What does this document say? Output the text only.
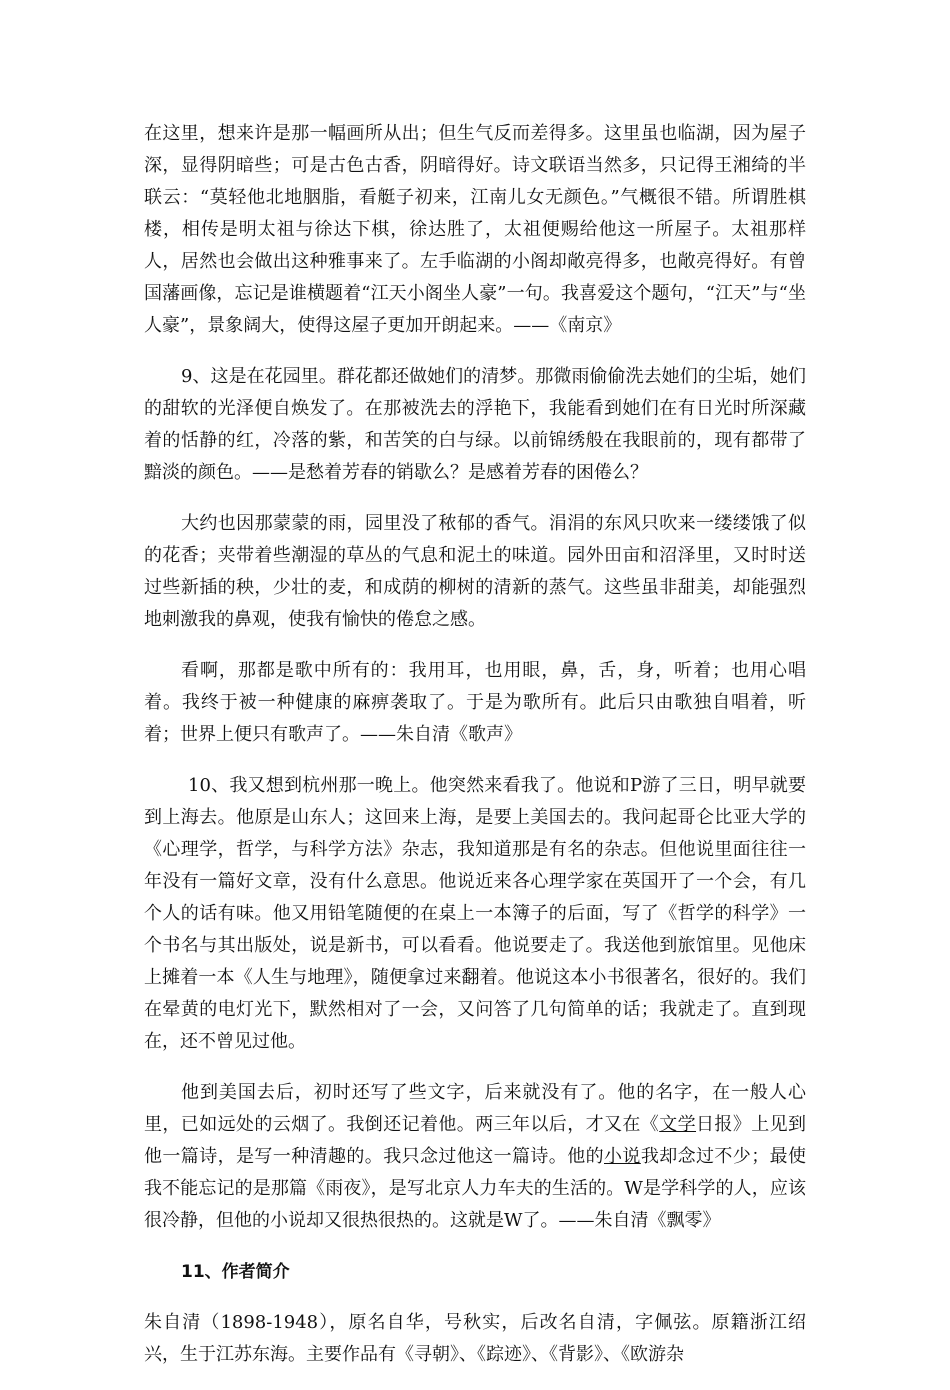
在这里，想来许是那一幅画所从出；但生气反而差得多。这里虽也临湖，因为屋子深，显得阴暗些；可是古色古香，阴暗得好。诗文联语当然多，只记得王湘绮的半联云：“莫轻他北地胭脂，看艇子初来，江南儿女无颜色。”气概很不错。所谓胜棋楼，相传是明太祖与徐达下棋，徐达胜了，太祖便赐给他这一所屋子。太祖那样人，居然也会做出这种雅事来了。左手临湖的小阁却敞亮得多，也敞亮得好。有曾国藩画像，忘记是谁横题着“江天小阁坐人豪”一句。我喜爱这个题句，“江天”与“坐人豪”，景象阔大，使得这屋子更加开朗起来。——《南京》

9、这是在花园里。群花都还做她们的清梦。那微雨偷偷洗去她们的尘垢，她们的甜软的光泽便自焕发了。在那被洗去的浮艳下，我能看到她们在有日光时所深藏着的恬静的红，冷落的紫，和苦笑的白与绿。以前锦绣般在我眼前的，现有都带了黯淡的颜色。——是愁着芳春的销歇么？是感着芳春的困倦么？

大约也因那蒙蒙的雨，园里没了秾郁的香气。涓涓的东风只吹来一缕缕饿了似的花香；夹带着些潮湿的草丛的气息和泥土的味道。园外田亩和沼泽里，又时时送过些新插的秧，少壮的麦，和成荫的柳树的清新的蒸气。这些虽非甜美，却能强烈地刺激我的鼻观，使我有愉快的倦怠之感。

看啊，那都是歌中所有的：我用耳，也用眼，鼻，舌，身，听着；也用心唱着。我终于被一种健康的麻痹袭取了。于是为歌所有。此后只由歌独自唱着，听着；世界上便只有歌声了。——朱自清《歌声》

10、我又想到杭州那一晚上。他突然来看我了。他说和P游了三日，明早就要到上海去。他原是山东人；这回来上海，是要上美国去的。我问起哥仑比亚大学的《心理学，哲学，与科学方法》杂志，我知道那是有名的杂志。但他说里面往往一年没有一篇好文章，没有什么意思。他说近来各心理学家在英国开了一个会，有几个人的话有味。他又用铅笔随便的在桌上一本簿子的后面，写了《哲学的科学》一个书名与其出版处，说是新书，可以看看。他说要走了。我送他到旅馆里。见他床上摊着一本《人生与地理》，随便拿过来翻着。他说这本小书很著名，很好的。我们在晕黄的电灯光下，默然相对了一会，又问答了几句简单的话；我就走了。直到现在，还不曾见过他。

他到美国去后，初时还写了些文字，后来就没有了。他的名字，在一般人心里，已如远处的云烟了。我倒还记着他。两三年以后，才又在《文学日报》上见到他一篇诗，是写一种清趣的。我只念过他这一篇诗。他的小说我却念过不少；最使我不能忘记的是那篇《雨夜》，是写北京人力车夫的生活的。W是学科学的人，应该很冷静，但他的小说却又很热很热的。这就是W了。——朱自清《飘零》

11、作者简介

朱自清（1898-1948），原名自华，号秋实，后改名自清，字佩弦。原籍浙江绍兴，生于江苏东海。主要作品有《寻朝》、《踪迹》、《背影》、《欧游杂
